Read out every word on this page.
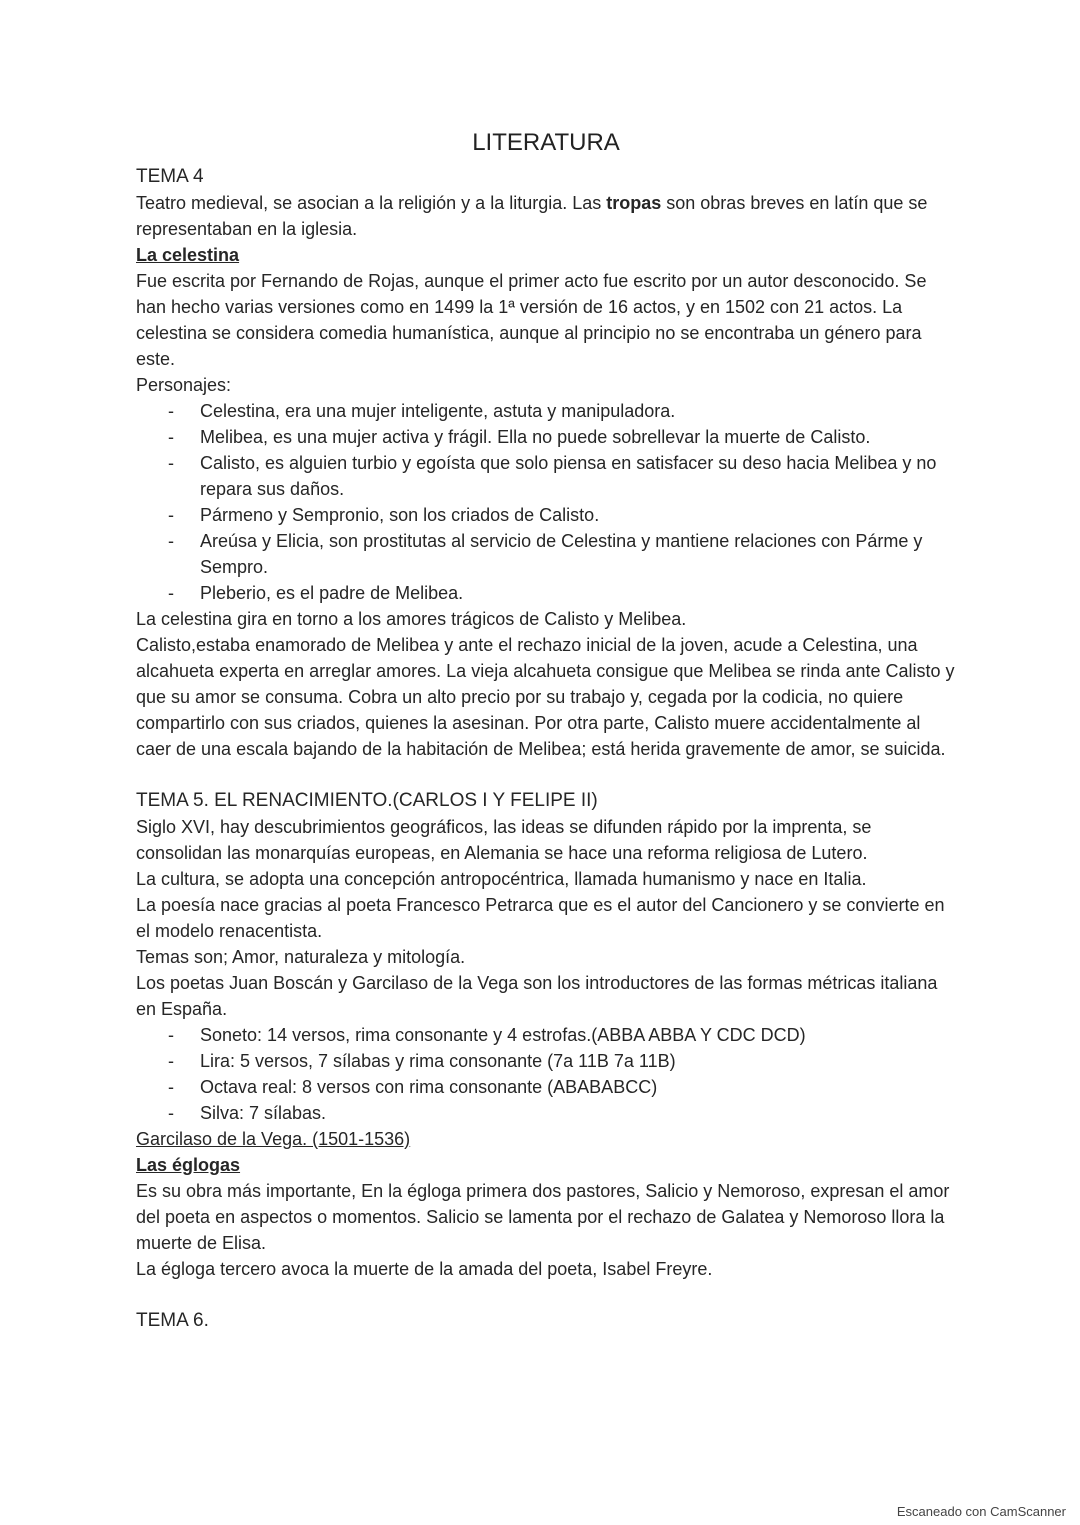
LITERATURA
TEMA 4

Teatro medieval, se asocian a la religión y a la liturgia. Las tropas son obras breves en latín que se representaban en la iglesia.

La celestina

Fue escrita por Fernando de Rojas, aunque el primer acto fue escrito por un autor desconocido. Se han hecho varias versiones como en 1499 la 1ª versión de 16 actos, y en 1502 con 21 actos. La celestina se considera comedia humanística, aunque al principio no se encontraba un género para este.

Personajes:

- Celestina, era una mujer inteligente, astuta y manipuladora.
- Melibea, es una mujer activa y frágil. Ella no puede sobrellevar la muerte de Calisto.
- Calisto, es alguien turbio y egoísta que solo piensa en satisfacer su deso hacia Melibea y no repara sus daños.
- Pármeno y Sempronio, son los criados de Calisto.
- Areúsa y Elicia, son prostitutas al servicio de Celestina y mantiene relaciones con Párme y Sempro.
- Pleberio, es el padre de Melibea.

La celestina gira en torno a los amores trágicos de Calisto y Melibea.

Calisto,estaba enamorado de Melibea y ante el rechazo inicial de la joven, acude a Celestina, una alcahueta experta en arreglar amores. La vieja alcahueta consigue que Melibea se rinda ante Calisto y que su amor se consuma. Cobra un alto precio por su trabajo y, cegada por la codicia, no quiere compartirlo con sus criados, quienes la asesinan. Por otra parte, Calisto muere accidentalmente al caer de una escala bajando de la habitación de Melibea; está herida gravemente de amor, se suicida.

TEMA 5. EL RENACIMIENTO.(CARLOS I Y FELIPE II)

Siglo XVI, hay descubrimientos geográficos, las ideas se difunden rápido por la imprenta, se consolidan las monarquías europeas, en Alemania se hace una reforma religiosa de Lutero.

La cultura, se adopta una concepción antropocéntrica, llamada humanismo y nace en Italia.

La poesía nace gracias al poeta Francesco Petrarca que es el autor del Cancionero y se convierte en el modelo renacentista.

Temas son; Amor, naturaleza y mitología.

Los poetas Juan Boscán y Garcilaso de la Vega son los introductores de las formas métricas italiana en España.

- Soneto: 14 versos, rima consonante y 4 estrofas.(ABBA ABBA Y CDC DCD)
- Lira: 5 versos, 7 sílabas y rima consonante (7a 11B 7a 11B)
- Octava real: 8 versos con rima consonante (ABABABCC)
- Silva: 7 sílabas.
Garcilaso de la Vega. (1501-1536)
Las églogas

Es su obra más importante, En la égloga primera dos pastores, Salicio y Nemoroso, expresan el amor del poeta en aspectos o momentos. Salicio se lamenta por el rechazo de Galatea y Nemoroso llora la muerte de Elisa.

La égloga tercero avoca la muerte de la amada del poeta, Isabel Freyre.

TEMA 6.
Escaneado con CamScanner
